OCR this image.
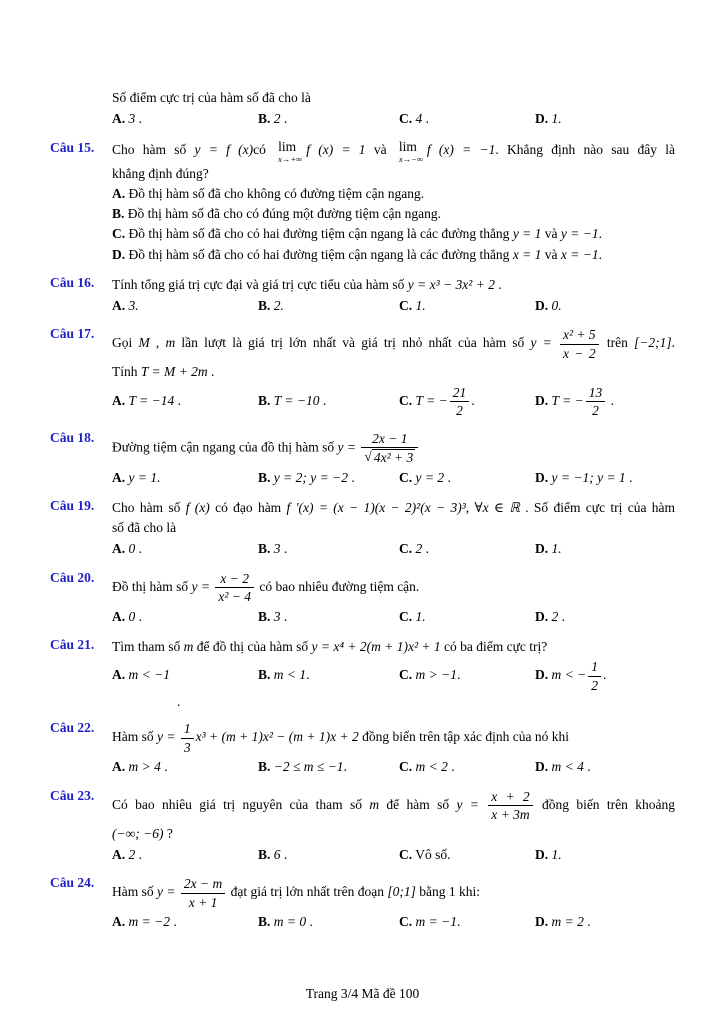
Số điểm cực trị của hàm số đã cho là
A. 3 .	B. 2 .	C. 4 .	D. 1.
Câu 15.	Cho hàm số y = f (x)có lim
x→+∞
f (x) = 1 và lim
x→−∞
f (x) = −1. Khẳng định nào sau đây là
khẳng định đúng?
A. Đồ thị hàm số đã cho không có đường tiệm cận ngang.
B. Đồ thị hàm số đã cho có đúng một đường tiệm cận ngang.
C. Đồ thị hàm số đã cho có hai đường tiệm cận ngang là các đường thẳng y = 1 và y = −1.
D. Đồ thị hàm số đã cho có hai đường tiệm cận ngang là các đường thẳng x = 1 và x = −1.
Câu 16.	Tính tổng giá trị cực đại và giá trị cực tiểu của hàm số y = x³ − 3x² + 2 .
A. 3.	B. 2.	C. 1.	D. 0.
Câu 17.
Gọi M , m lần lượt là giá trị lớn nhất và giá trị nhỏ nhất của hàm số $y = \frac{\text{x² + 5}}{x - 2}$ trên [−2;1].
Tính T = M + 2m .
A. T = −14 .	B. T = −10 .	C. T = − $\frac{21}{2}$ .	D. T = − $\frac{13}{2}$ .
Câu 18.
Đường tiệm cận ngang của đồ thị hàm số $y = \frac{2x - 1}{\text{√ 4x² + 3}}$
A. y = 1.	B. y = 2; y = −2 .	C. y = 2 .	D. y = −1; y = 1 .
Câu 19.	Cho hàm số f (x) có đạo hàm f ′(x) = (x − 1)(x − 2)²(x − 3)³, ∀x ∈ ℝ . Số điểm cực trị của hàm
số đã cho là
A. 0 .	B. 3 .	C. 2 .	D. 1.
Câu 20.
Đồ thị hàm số $y = \frac{x - 2}{\text{x² − 4}}$ có bao nhiêu đường tiệm cận.
A. 0 .	B. 3 .	C. 1.	D. 2 .
Câu 21.	Tìm tham số m để đồ thị của hàm số y = x⁴ + 2(m + 1)x² + 1 có ba điểm cực trị?
A. m < −1	B. m < 1.	C. m > −1.	D. m < − $\frac{1}{2}$ .
.
Câu 22.
Hàm số $y = \frac{1}{3} x^3 + (m + 1)x^2 - (m + 1)x + 2$ đồng biến trên tập xác định của nó khi
A. m > 4 .	B. −2 ≤ m ≤ −1.	C. m < 2 .	D. m < 4 .
Câu 23.
Có bao nhiêu giá trị nguyên của tham số m để hàm số $y = \frac{x + 2}{x + 3m}$ đồng biến trên khoảng
(−∞; −6) ?
A. 2 .	B. 6 .	C. Vô số.	D. 1.
Câu 24.
Hàm số $y = \frac{2x - m}{x + 1}$ đạt giá trị lớn nhất trên đoạn [0;1] bằng 1 khi:
A. m = −2 .	B. m = 0 .	C. m = −1.	D. m = 2 .
Trang 3/4 Mã đề 100
